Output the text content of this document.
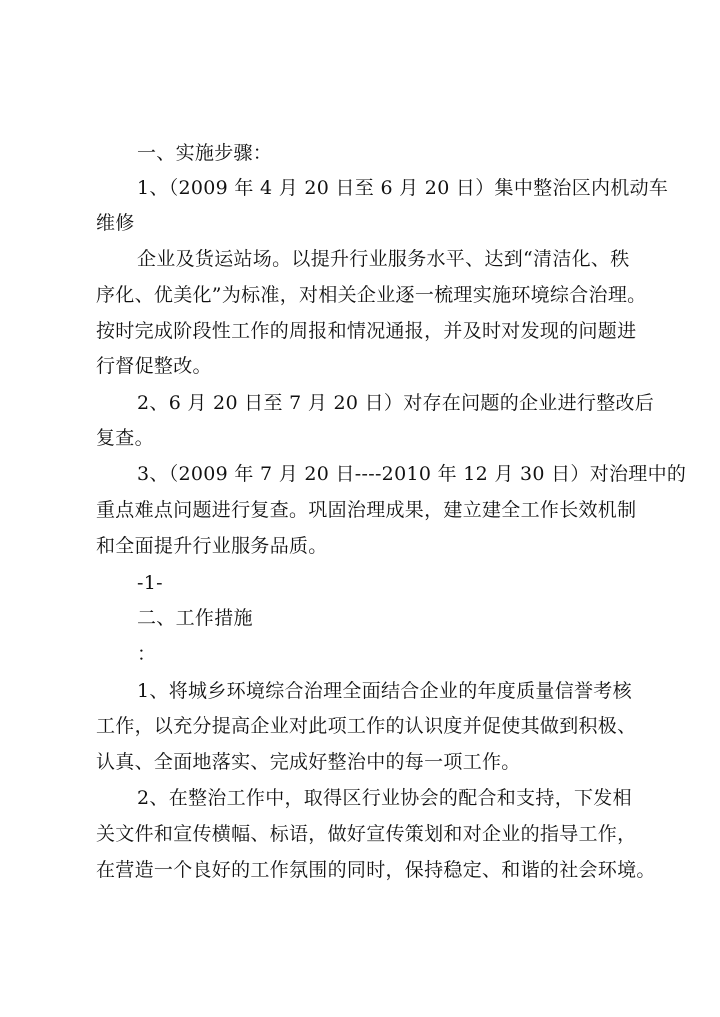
一、实施步骤：
1、（2009 年 4 月 20 日至 6 月 20 日）集中整治区内机动车
维修
企业及货运站场。以提升行业服务水平、达到“清洁化、秩
序化、优美化”为标准，对相关企业逐一梳理实施环境综合治理。
按时完成阶段性工作的周报和情况通报，并及时对发现的问题进
行督促整改。
2、6 月 20 日至 7 月 20 日）对存在问题的企业进行整改后
复查。
3、（2009 年 7 月 20 日----2010 年 12 月 30 日）对治理中的
重点难点问题进行复查。巩固治理成果，建立建全工作长效机制
和全面提升行业服务品质。
-1-
二、工作措施
：
1、将城乡环境综合治理全面结合企业的年度质量信誉考核
工作，以充分提高企业对此项工作的认识度并促使其做到积极、
认真、全面地落实、完成好整治中的每一项工作。
2、在整治工作中，取得区行业协会的配合和支持，下发相
关文件和宣传横幅、标语，做好宣传策划和对企业的指导工作，
在营造一个良好的工作氛围的同时，保持稳定、和谐的社会环境。
